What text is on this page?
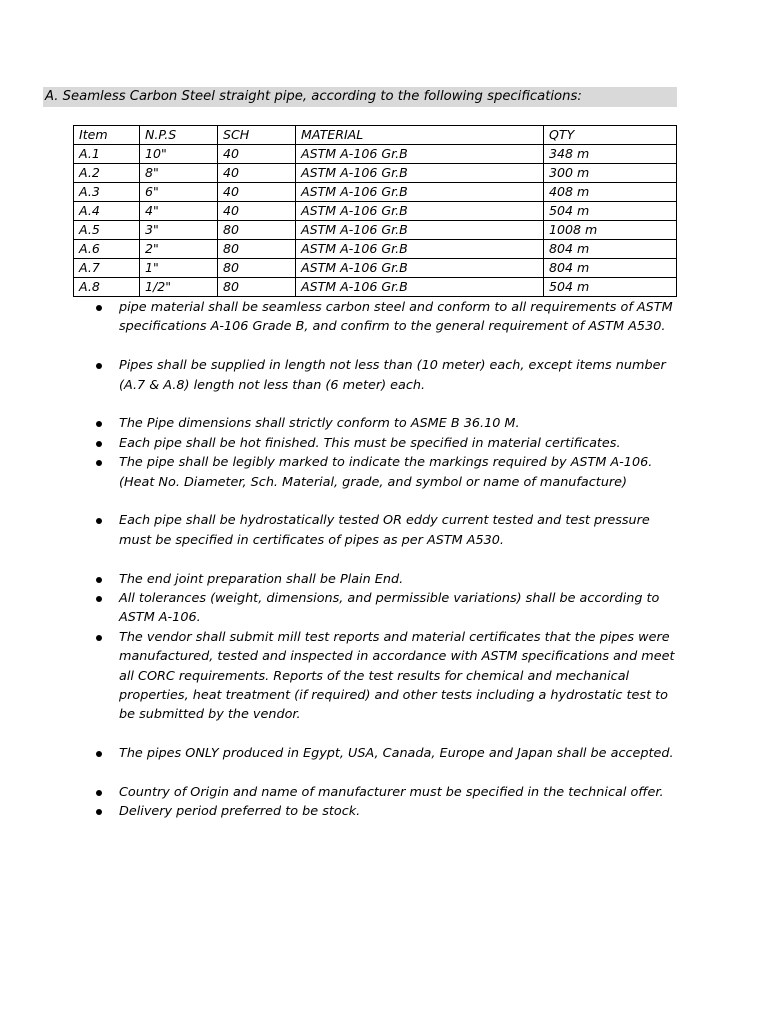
A. Seamless Carbon Steel straight pipe, according to the following specifications:
Item	N.P.S	SCH	MATERIAL	QTY
A.1	10"	40	ASTM A-106 Gr.B	348 m
A.2	8"	40	ASTM A-106 Gr.B	300 m
A.3	6"	40	ASTM A-106 Gr.B	408 m
A.4	4"	40	ASTM A-106 Gr.B	504 m
A.5	3"	80	ASTM A-106 Gr.B	1008 m
A.6	2"	80	ASTM A-106 Gr.B	804 m
A.7	1"	80	ASTM A-106 Gr.B	804 m
A.8	1/2"	80	ASTM A-106 Gr.B	504 m
pipe material shall be seamless carbon steel and conform to all requirements of ASTM specifications A-106 Grade B, and confirm to the general requirement of ASTM A530.
Pipes shall be supplied in length not less than (10 meter) each, except items number (A.7 & A.8) length not less than (6 meter) each.
The Pipe dimensions shall strictly conform to ASME B 36.10 M.
Each pipe shall be hot finished. This must be specified in material certificates.
The pipe shall be legibly marked to indicate the markings required by ASTM A-106. (Heat No. Diameter, Sch. Material, grade, and symbol or name of manufacture)
Each pipe shall be hydrostatically tested OR eddy current tested and test pressure must be specified in certificates of pipes as per ASTM A530.
The end joint preparation shall be Plain End.
All tolerances (weight, dimensions, and permissible variations) shall be according to ASTM A-106.
The vendor shall submit mill test reports and material certificates that the pipes were manufactured, tested and inspected in accordance with ASTM specifications and meet all CORC requirements. Reports of the test results for chemical and mechanical properties, heat treatment (if required) and other tests including a hydrostatic test to be submitted by the vendor.
The pipes ONLY produced in Egypt, USA, Canada, Europe and Japan shall be accepted.
Country of Origin and name of manufacturer must be specified in the technical offer.
Delivery period preferred to be stock.
